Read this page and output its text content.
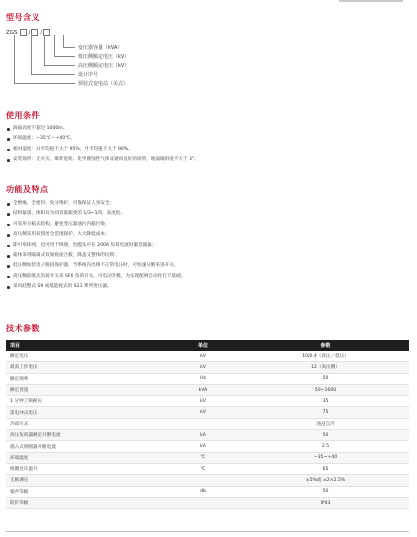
型号含义
ZGS / /
变压器容量（kVA）
低压侧额定电压（kV）
高压侧额定电压（kV）
设计序号
预装式变电站（美式）
使用条件
海拔高度不超过 1000m。
环境温度：−35℃～+40℃。
相对湿度：日平均值不大于 95%，月平均值不大于 90%。
安装场所：无火灾、爆炸危险、化学腐蚀性气体及通风良好的场所，地面倾斜度不大于 3°。
功能及特点
全绝缘、全密封、免分维护，可靠保证人身安全；
结构紧凑、体积仅为同容量箱变的 1/3~1/5，高度低；
可采用分箱式结构，避免变压器油污内箱污染；
高压侧采用双熔丝全范围保护，大大降低成本；
即可用环网，也可用于终端，电缆头可在 200A 负荷电流时紧急插拔；
箱体采用隔离式双梁底座合板，降盖又整体的坑锁；
低压侧加装电子脱扣保护器，当系统内出现不正常电压时，可快速分断来进开关；
高压侧前缓式负荷开关采 SF6 负荷开关，可电动升级，为实现配网自动化打下基础；
采用硅整式 S9 或低能耗式的 S11 系列变压器。
技术参数
项目	单位	参数
额定电压	kV	10/0.4（高压／低压）
最高工作电压	kV	12（高压侧）
额定频率	Hz	50
额定容量	kVA	50~1600
1 分钟工频耐压	kV	35
雷电冲击电压	kV	75
冷却方式		油浸自冷
高压负荷器额定开断电流	kA	50
插入式熔断器开断电流	kA	2.5
环境温度	℃	−35~+40
线圈允许温升	℃	65
无励调压		±5%或 ±2×2.5%
噪声等级	db	50
防护等级		IP43
